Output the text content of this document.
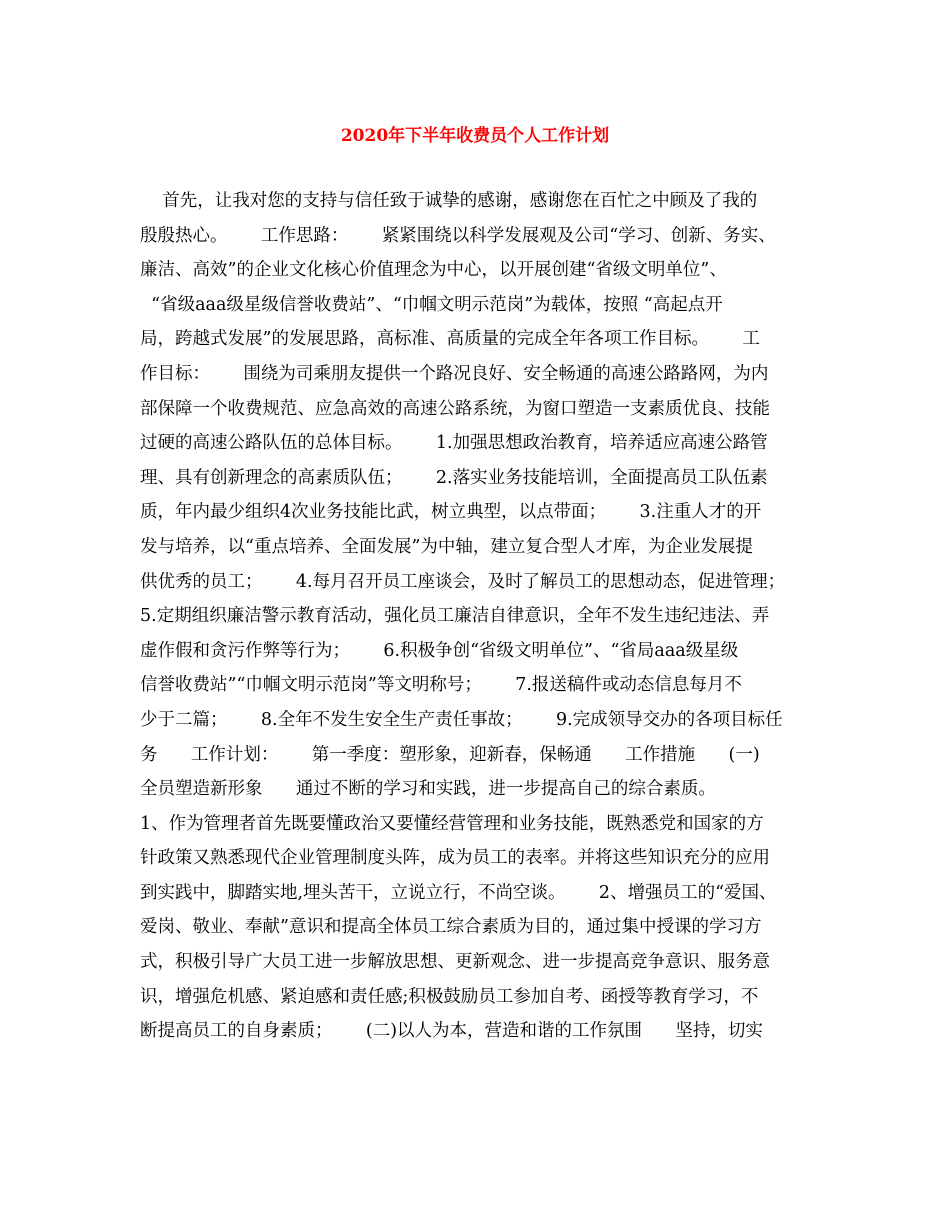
2020年下半年收费员个人工作计划
首先，让我对您的支持与信任致于诚挚的感谢，感谢您在百忙之中顾及了我的
殷殷热心。      工作思路：      紧紧围绕以科学发展观及公司“学习、创新、务实、
廉洁、高效”的企业文化核心价值理念为中心，以开展创建“省级文明单位”、
“省级aaa级星级信誉收费站”、“巾帼文明示范岗”为载体，按照 “高起点开
局，跨越式发展”的发展思路，高标准、高质量的完成全年各项工作目标。      工
作目标：      围绕为司乘朋友提供一个路况良好、安全畅通的高速公路路网，为内
部保障一个收费规范、应急高效的高速公路系统，为窗口塑造一支素质优良、技能
过硬的高速公路队伍的总体目标。      1.加强思想政治教育，培养适应高速公路管
理、具有创新理念的高素质队伍；      2.落实业务技能培训，全面提高员工队伍素
质，年内最少组织4次业务技能比武，树立典型，以点带面；      3.注重人才的开
发与培养，以“重点培养、全面发展”为中轴，建立复合型人才库，为企业发展提
供优秀的员工；      4.每月召开员工座谈会，及时了解员工的思想动态，促进管理；
5.定期组织廉洁警示教育活动，强化员工廉洁自律意识，全年不发生违纪违法、弄
虚作假和贪污作弊等行为；      6.积极争创“省级文明单位”、“省局aaa级星级
信誉收费站”“巾帼文明示范岗”等文明称号；      7.报送稿件或动态信息每月不
少于二篇；      8.全年不发生安全生产责任事故；      9.完成领导交办的各项目标任
务      工作计划：      第一季度：塑形象，迎新春，保畅通      工作措施      (一)
全员塑造新形象      通过不断的学习和实践，进一步提高自己的综合素质。
1、作为管理者首先既要懂政治又要懂经营管理和业务技能，既熟悉党和国家的方
针政策又熟悉现代企业管理制度头阵，成为员工的表率。并将这些知识充分的应用
到实践中，脚踏实地,埋头苦干，立说立行，不尚空谈。      2、增强员工的“爱国、
爱岗、敬业、奉献”意识和提高全体员工综合素质为目的，通过集中授课的学习方
式，积极引导广大员工进一步解放思想、更新观念、进一步提高竞争意识、服务意
识，增强危机感、紧迫感和责任感;积极鼓励员工参加自考、函授等教育学习，不
断提高员工的自身素质；      (二)以人为本，营造和谐的工作氛围      坚持，切实
